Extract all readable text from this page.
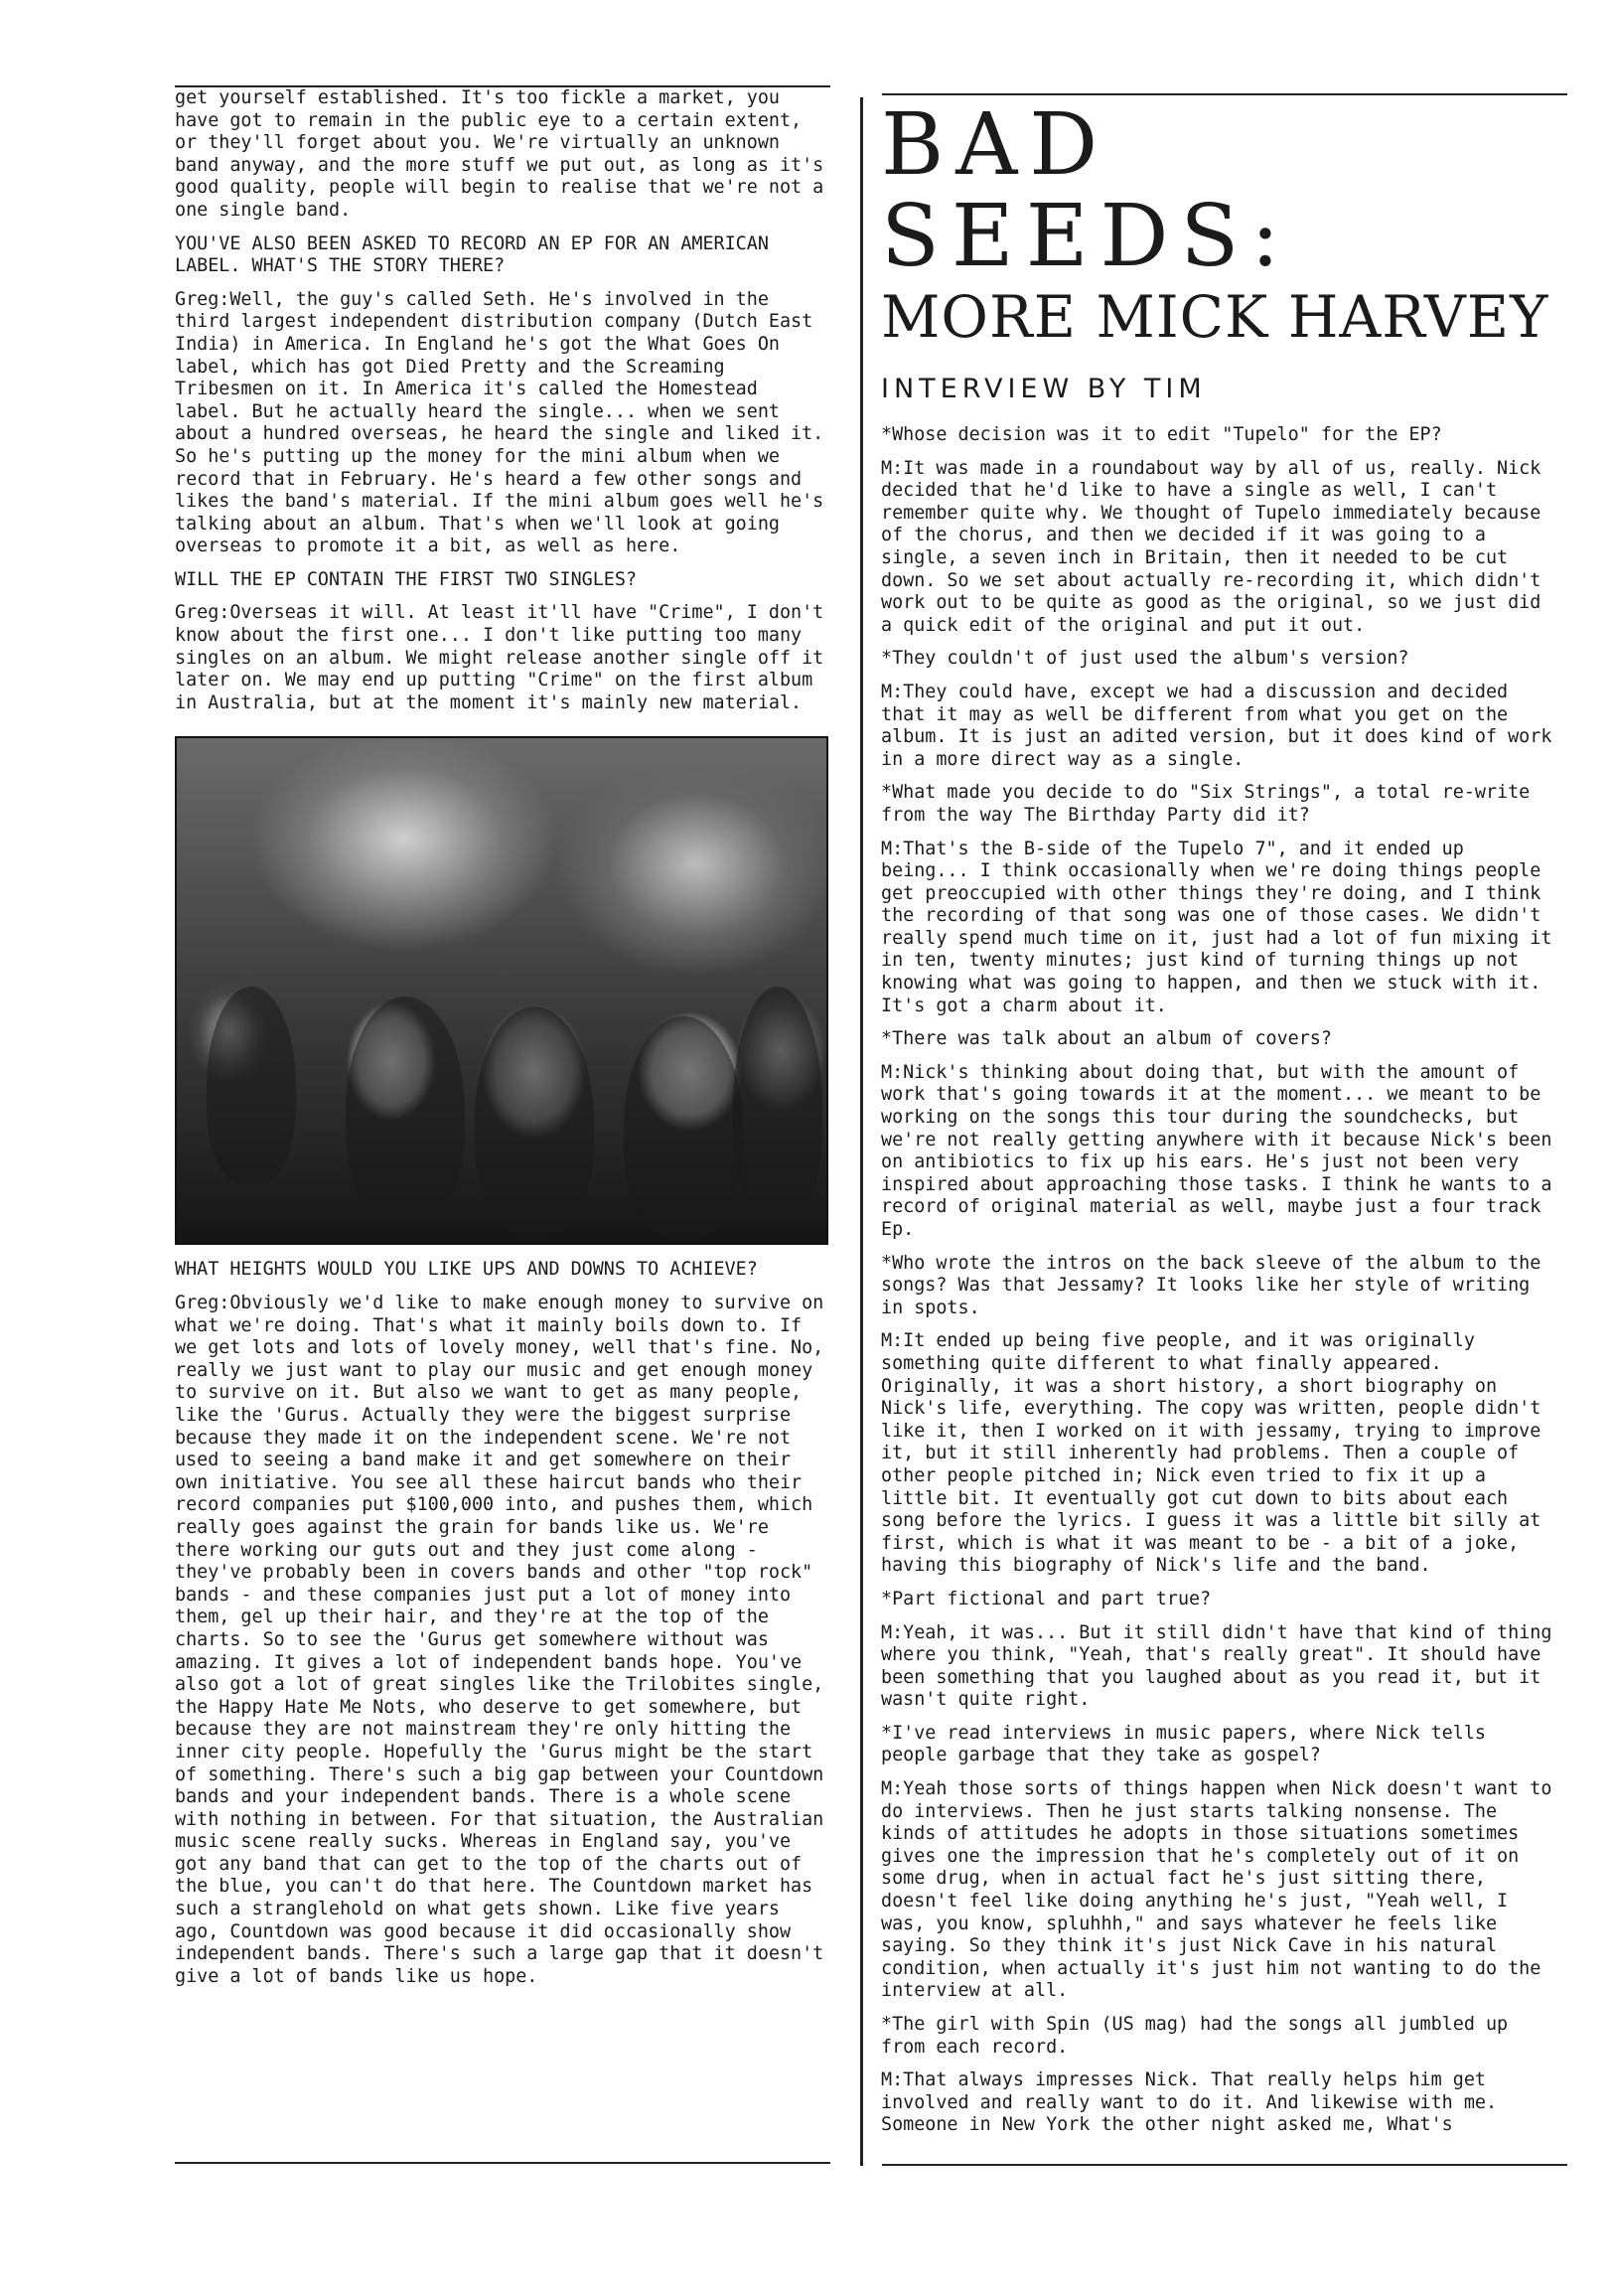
get yourself established. It's too fickle a market, you have got to remain in the public eye to a certain extent, or they'll forget about you. We're virtually an unknown band anyway, and the more stuff we put out, as long as it's good quality, people will begin to realise that we're not a one single band.

YOU'VE ALSO BEEN ASKED TO RECORD AN EP FOR AN AMERICAN LABEL. WHAT'S THE STORY THERE?

Greg:Well, the guy's called Seth. He's involved in the third largest independent distribution company (Dutch East India) in America. In England he's got the What Goes On label, which has got Died Pretty and the Screaming Tribesmen on it. In America it's called the Homestead label. But he actually heard the single... when we sent about a hundred overseas, he heard the single and liked it. So he's putting up the money for the mini album when we record that in February. He's heard a few other songs and likes the band's material. If the mini album goes well he's talking about an album. That's when we'll look at going overseas to promote it a bit, as well as here.

WILL THE EP CONTAIN THE FIRST TWO SINGLES?

Greg:Overseas it will. At least it'll have "Crime", I don't know about the first one... I don't like putting too many singles on an album. We might release another single off it later on. We may end up putting "Crime" on the first album in Australia, but at the moment it's mainly new material.

WHAT HEIGHTS WOULD YOU LIKE UPS AND DOWNS TO ACHIEVE?

Greg:Obviously we'd like to make enough money to survive on what we're doing. That's what it mainly boils down to. If we get lots and lots of lovely money, well that's fine. No, really we just want to play our music and get enough money to survive on it. But also we want to get as many people, like the 'Gurus. Actually they were the biggest surprise because they made it on the independent scene. We're not used to seeing a band make it and get somewhere on their own initiative. You see all these haircut bands who their record companies put $100,000 into, and pushes them, which really goes against the grain for bands like us. We're there working our guts out and they just come along - they've probably been in covers bands and other "top rock" bands - and these companies just put a lot of money into them, gel up their hair, and they're at the top of the charts. So to see the 'Gurus get somewhere without was amazing. It gives a lot of independent bands hope. You've also got a lot of great singles like the Trilobites single, the Happy Hate Me Nots, who deserve to get somewhere, but because they are not mainstream they're only hitting the inner city people. Hopefully the 'Gurus might be the start of something. There's such a big gap between your Countdown bands and your independent bands. There is a whole scene with nothing in between. For that situation, the Australian music scene really sucks. Whereas in England say, you've got any band that can get to the top of the charts out of the blue, you can't do that here. The Countdown market has such a stranglehold on what gets shown. Like five years ago, Countdown was good because it did occasionally show independent bands. There's such a large gap that it doesn't give a lot of bands like us hope.

BAD SEEDS:
MORE MICK HARVEY
INTERVIEW BY TIM

*Whose decision was it to edit "Tupelo" for the EP?

M:It was made in a roundabout way by all of us, really. Nick decided that he'd like to have a single as well, I can't remember quite why. We thought of Tupelo immediately because of the chorus, and then we decided if it was going to a single, a seven inch in Britain, then it needed to be cut down. So we set about actually re-recording it, which didn't work out to be quite as good as the original, so we just did a quick edit of the original and put it out.

*They couldn't of just used the album's version?

M:They could have, except we had a discussion and decided that it may as well be different from what you get on the album. It is just an adited version, but it does kind of work in a more direct way as a single.

*What made you decide to do "Six Strings", a total re-write from the way The Birthday Party did it?

M:That's the B-side of the Tupelo 7", and it ended up being... I think occasionally when we're doing things people get preoccupied with other things they're doing, and I think the recording of that song was one of those cases. We didn't really spend much time on it, just had a lot of fun mixing it in ten, twenty minutes; just kind of turning things up not knowing what was going to happen, and then we stuck with it. It's got a charm about it.

*There was talk about an album of covers?

M:Nick's thinking about doing that, but with the amount of work that's going towards it at the moment... we meant to be working on the songs this tour during the soundchecks, but we're not really getting anywhere with it because Nick's been on antibiotics to fix up his ears. He's just not been very inspired about approaching those tasks. I think he wants to a record of original material as well, maybe just a four track Ep.

*Who wrote the intros on the back sleeve of the album to the songs? Was that Jessamy? It looks like her style of writing in spots.

M:It ended up being five people, and it was originally something quite different to what finally appeared. Originally, it was a short history, a short biography on Nick's life, everything. The copy was written, people didn't like it, then I worked on it with jessamy, trying to improve it, but it still inherently had problems. Then a couple of other people pitched in; Nick even tried to fix it up a little bit. It eventually got cut down to bits about each song before the lyrics. I guess it was a little bit silly at first, which is what it was meant to be - a bit of a joke, having this biography of Nick's life and the band.

*Part fictional and part true?

M:Yeah, it was... But it still didn't have that kind of thing where you think, "Yeah, that's really great". It should have been something that you laughed about as you read it, but it wasn't quite right.

*I've read interviews in music papers, where Nick tells people garbage that they take as gospel?

M:Yeah those sorts of things happen when Nick doesn't want to do interviews. Then he just starts talking nonsense. The kinds of attitudes he adopts in those situations sometimes gives one the impression that he's completely out of it on some drug, when in actual fact he's just sitting there, doesn't feel like doing anything he's just, "Yeah well, I was, you know, spluhhh," and says whatever he feels like saying. So they think it's just Nick Cave in his natural condition, when actually it's just him not wanting to do the interview at all.

*The girl with Spin (US mag) had the songs all jumbled up from each record.

M:That always impresses Nick. That really helps him get involved and really want to do it. And likewise with me. Someone in New York the other night asked me, What's
